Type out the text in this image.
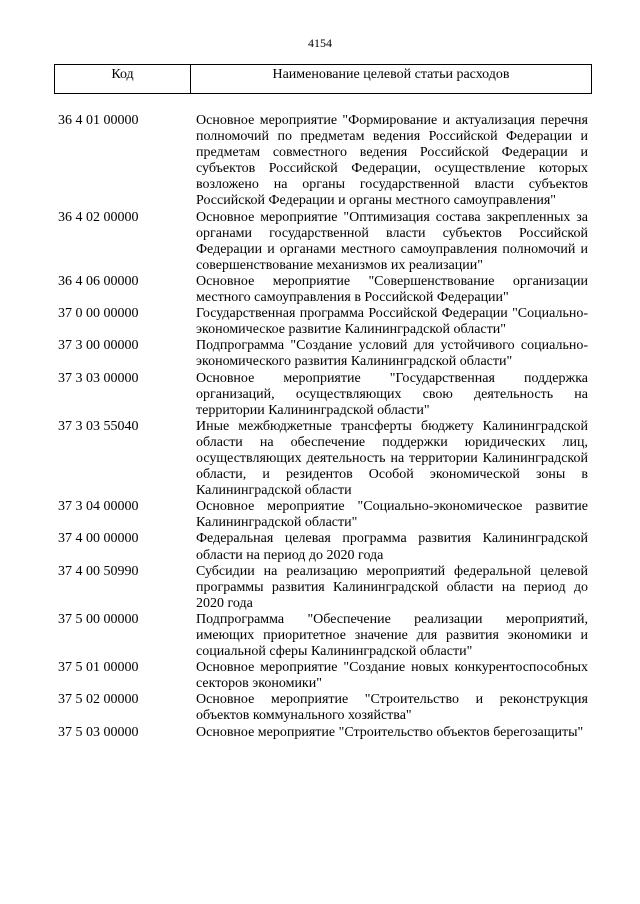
4154
Код	Наименование целевой статьи расходов
36 4 01 00000	Основное мероприятие "Формирование и актуализация перечня полномочий по предметам ведения Российской Федерации и предметам совместного ведения Российской Федерации и субъектов Российской Федерации, осуществление которых возложено на органы государственной власти субъектов Российской Федерации и органы местного самоуправления"
36 4 02 00000	Основное мероприятие "Оптимизация состава закрепленных за органами государственной власти субъектов Российской Федерации и органами местного самоуправления полномочий и совершенствование механизмов их реализации"
36 4 06 00000	Основное мероприятие "Совершенствование организации местного самоуправления в Российской Федерации"
37 0 00 00000	Государственная программа Российской Федерации "Социально-экономическое развитие Калининградской области"
37 3 00 00000	Подпрограмма "Создание условий для устойчивого социально-экономического развития Калининградской области"
37 3 03 00000	Основное мероприятие "Государственная поддержка организаций, осуществляющих свою деятельность на территории Калининградской области"
37 3 03 55040	Иные межбюджетные трансферты бюджету Калининградской области на обеспечение поддержки юридических лиц, осуществляющих деятельность на территории Калининградской области, и резидентов Особой экономической зоны в Калининградской области
37 3 04 00000	Основное мероприятие "Социально-экономическое развитие Калининградской области"
37 4 00 00000	Федеральная целевая программа развития Калининградской области на период до 2020 года
37 4 00 50990	Субсидии на реализацию мероприятий федеральной целевой программы развития Калининградской области на период до 2020 года
37 5 00 00000	Подпрограмма "Обеспечение реализации мероприятий, имеющих приоритетное значение для развития экономики и социальной сферы Калининградской области"
37 5 01 00000	Основное мероприятие "Создание новых конкурентоспособных секторов экономики"
37 5 02 00000	Основное мероприятие "Строительство и реконструкция объектов коммунального хозяйства"
37 5 03 00000	Основное мероприятие "Строительство объектов берегозащиты"
